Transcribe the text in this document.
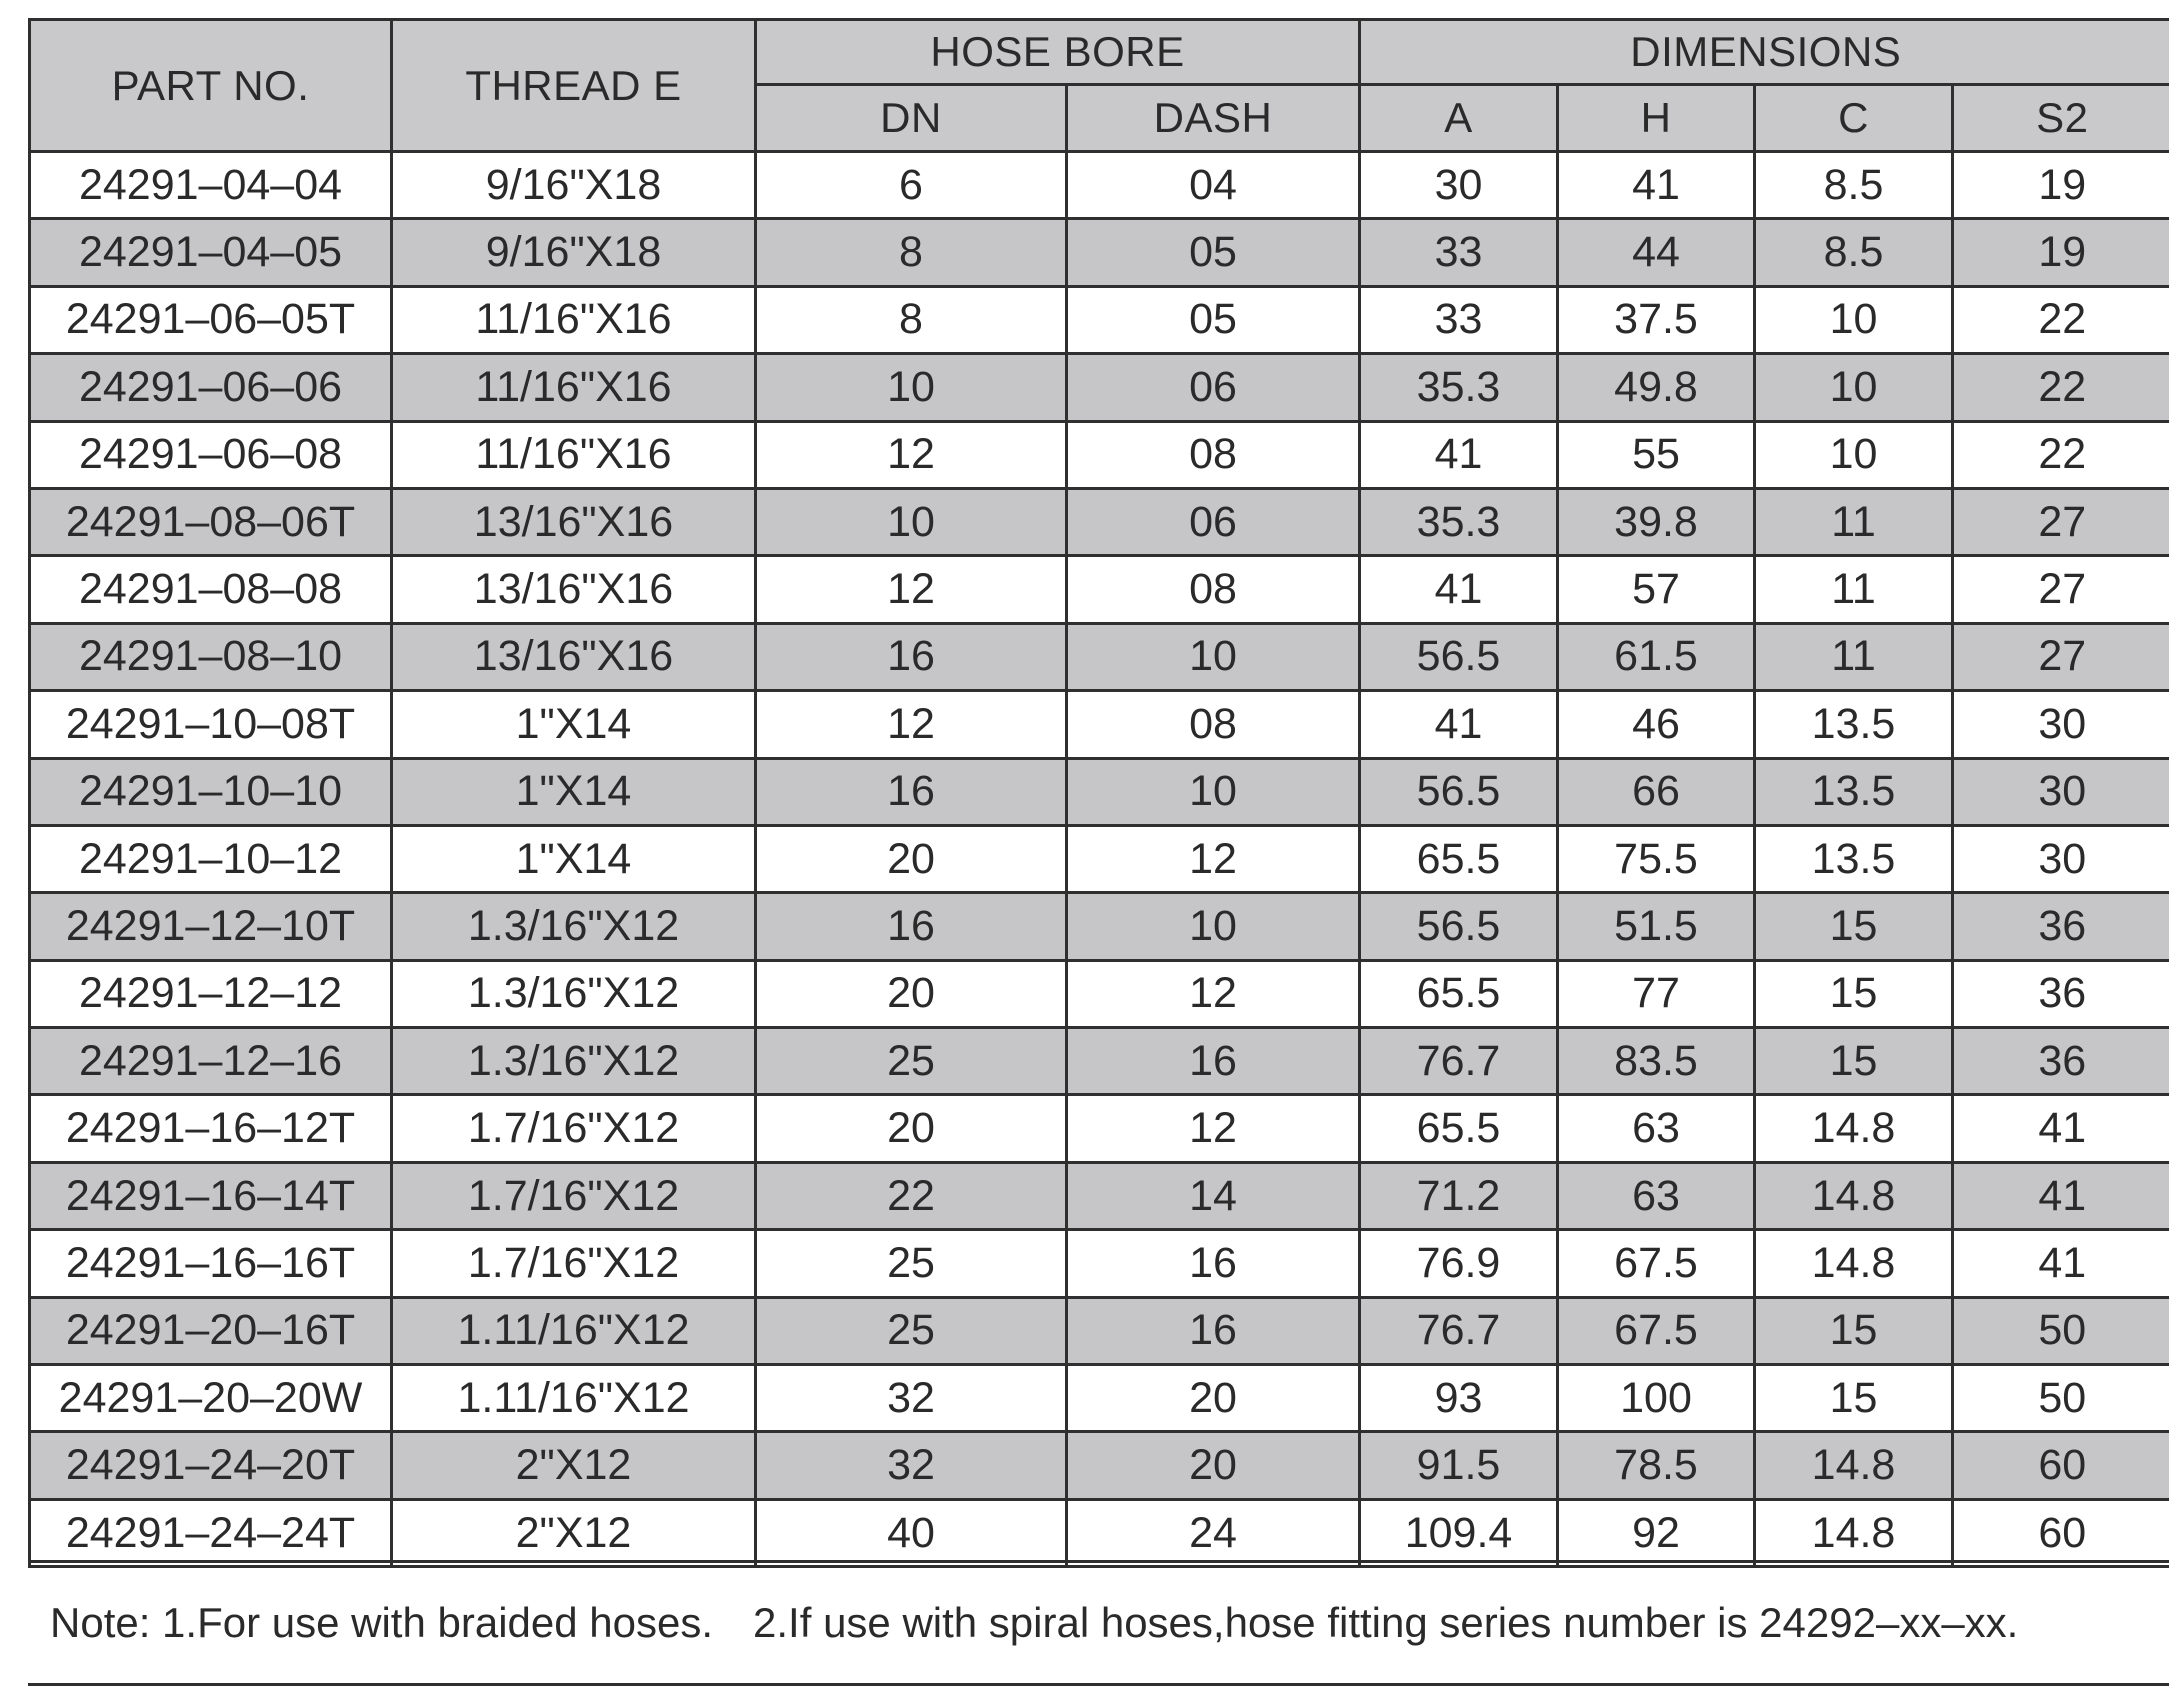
PART NO.	THREAD E	HOSE BORE		DIMENSIONS			
		DN	DASH	A	H	C	S2
24291–04–04	9/16"X18	6	04	30	41	8.5	19
24291–04–05	9/16"X18	8	05	33	44	8.5	19
24291–06–05T	11/16"X16	8	05	33	37.5	10	22
24291–06–06	11/16"X16	10	06	35.3	49.8	10	22
24291–06–08	11/16"X16	12	08	41	55	10	22
24291–08–06T	13/16"X16	10	06	35.3	39.8	11	27
24291–08–08	13/16"X16	12	08	41	57	11	27
24291–08–10	13/16"X16	16	10	56.5	61.5	11	27
24291–10–08T	1"X14	12	08	41	46	13.5	30
24291–10–10	1"X14	16	10	56.5	66	13.5	30
24291–10–12	1"X14	20	12	65.5	75.5	13.5	30
24291–12–10T	1.3/16"X12	16	10	56.5	51.5	15	36
24291–12–12	1.3/16"X12	20	12	65.5	77	15	36
24291–12–16	1.3/16"X12	25	16	76.7	83.5	15	36
24291–16–12T	1.7/16"X12	20	12	65.5	63	14.8	41
24291–16–14T	1.7/16"X12	22	14	71.2	63	14.8	41
24291–16–16T	1.7/16"X12	25	16	76.9	67.5	14.8	41
24291–20–16T	1.11/16"X12	25	16	76.7	67.5	15	50
24291–20–20W	1.11/16"X12	32	20	93	100	15	50
24291–24–20T	2"X12	32	20	91.5	78.5	14.8	60
24291–24–24T	2"X12	40	24	109.4	92	14.8	60
Note: 1.For use with braided hoses. 2.If use with spiral hoses,hose fitting series number is 24292–xx–xx.
